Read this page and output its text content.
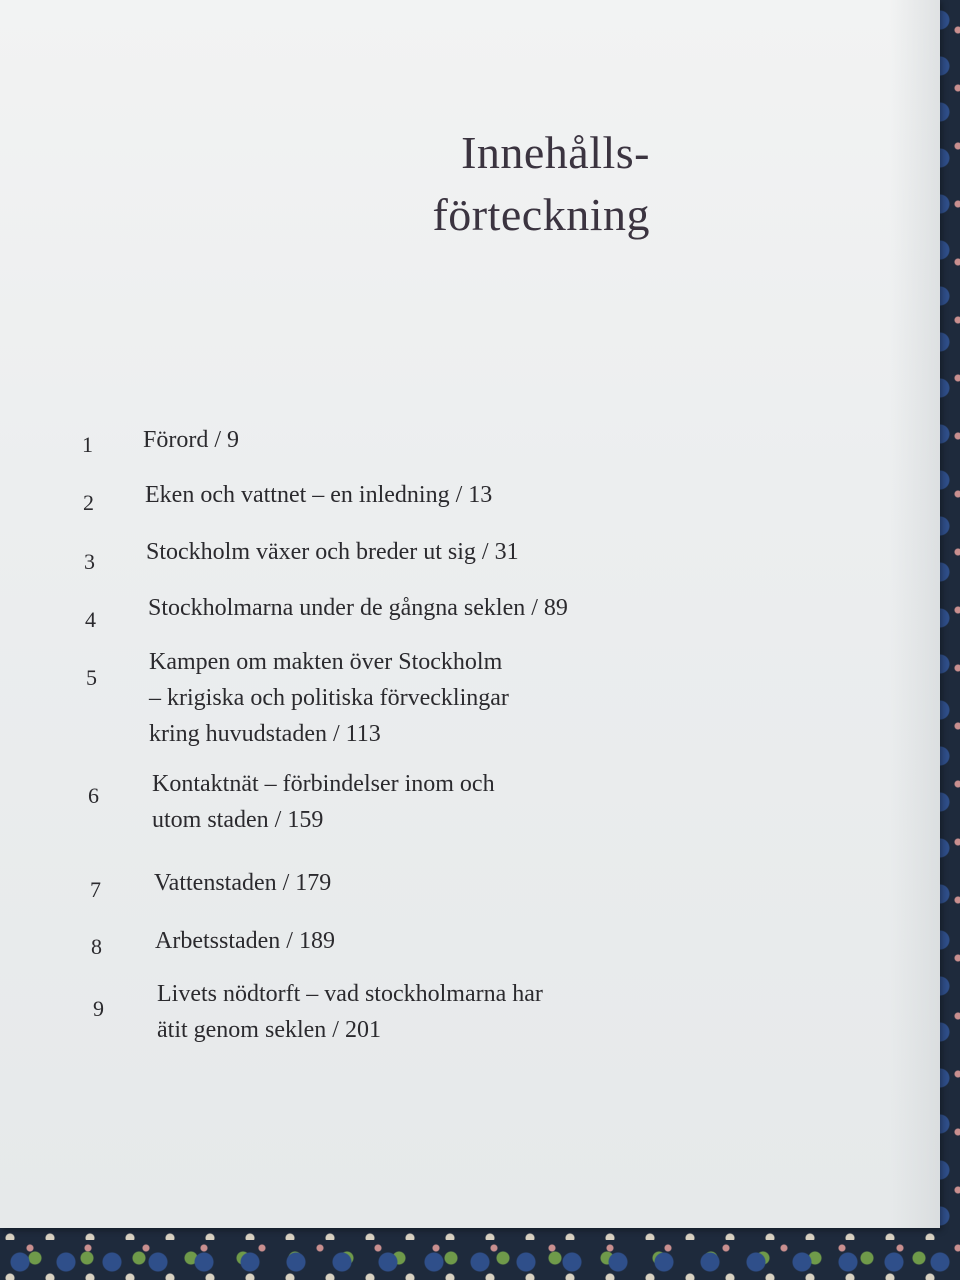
Innehålls-
förteckning
1 Förord / 9
2 Eken och vattnet – en inledning / 13
3 Stockholm växer och breder ut sig / 31
4 Stockholmarna under de gångna seklen / 89
5
Kampen om makten över Stockholm
– krigiska och politiska förvecklingar
kring huvudstaden / 113
6 Kontaktnät – förbindelser inom och
utom staden / 159
7 Vattenstaden / 179
8 Arbetsstaden / 189
9
Livets nödtorft – vad stockholmarna har
ätit genom seklen / 201
